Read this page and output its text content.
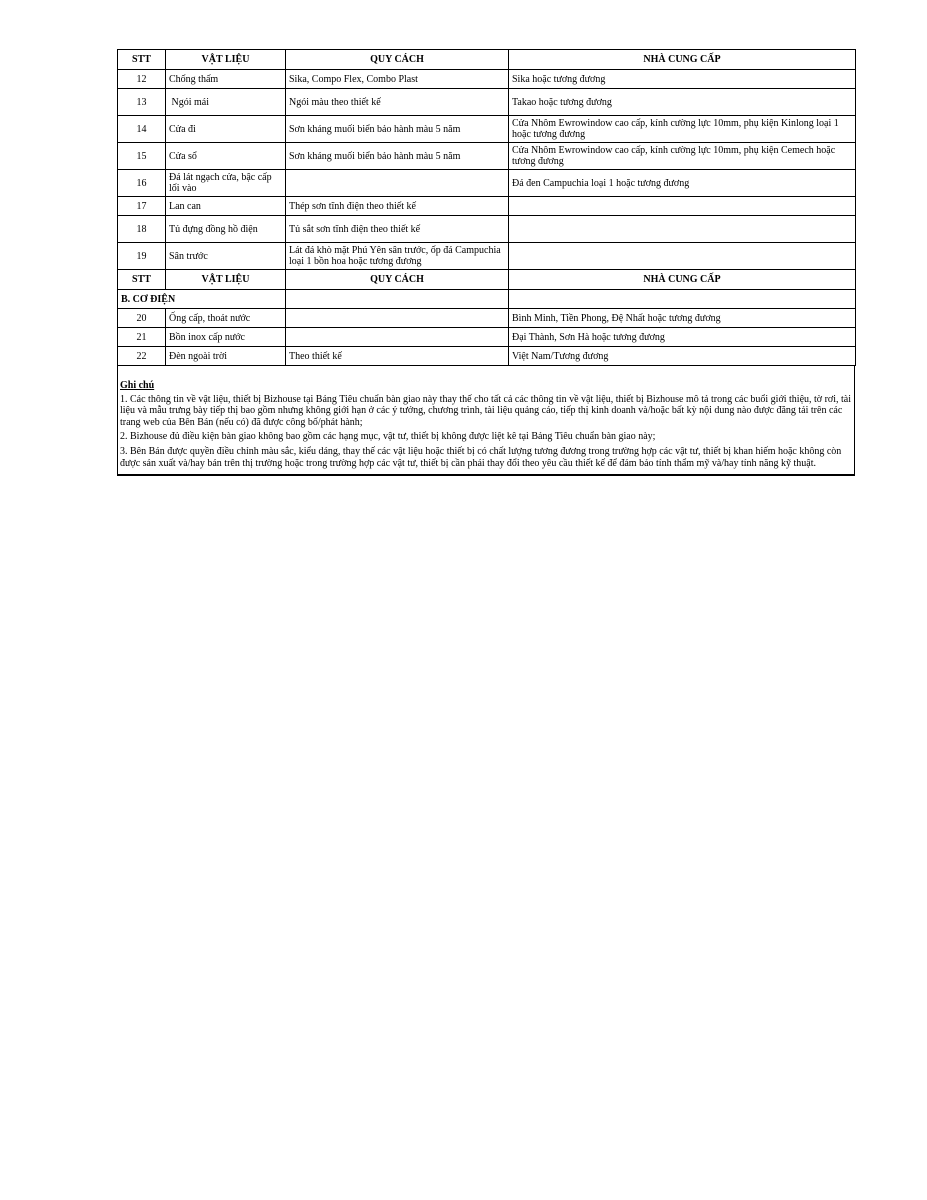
STT	VẬT LIỆU	QUY CÁCH	NHÀ CUNG CẤP
12	Chống thấm	Sika, Compo Flex, Combo Plast	Sika hoặc tương đương
13	Ngói mái	Ngói màu theo thiết kế	Takao hoặc tương đương
14	Cửa đi	Sơn kháng muối biển bảo hành màu 5 năm	Cửa Nhôm Ewrowindow cao cấp, kính cường lực 10mm, phụ kiện Kinlong loại 1 hoặc tương đương
15	Cửa sổ	Sơn kháng muối biển bảo hành màu 5 năm	Cửa Nhôm Ewrowindow cao cấp, kính cường lực 10mm, phụ kiện Cemech hoặc tương đương
16	Đá lát ngạch cửa, bậc cấp lối vào		Đá đen Campuchia loại 1 hoặc tương đương
17	Lan can	Thép sơn tĩnh điện theo thiết kế	
18	Tủ đựng đồng hồ điện	Tủ sắt sơn tĩnh điện theo thiết kế	
19	Sân trước	Lát đá khò mặt Phú Yên sân trước, ốp đá Campuchia loại 1 bồn hoa hoặc tương đương	
STT	VẬT LIỆU	QUY CÁCH	NHÀ CUNG CẤP
B. CƠ ĐIỆN			
20	Ống cấp, thoát nước		Bình Minh, Tiền Phong, Đệ Nhất hoặc tương đương
21	Bồn inox cấp nước		Đại Thành, Sơn Hà hoặc tương đương
22	Đèn ngoài trời	Theo thiết kế	Việt Nam/Tương đương
Ghi chú

1. Các thông tin về vật liệu, thiết bị Bizhouse tại Bảng Tiêu chuẩn bàn giao này thay thế cho tất cả các thông tin về vật liệu, thiết bị Bizhouse mô tả trong các buổi giới thiệu, tờ rơi, tài liệu và mẫu trưng bày tiếp thị bao gồm nhưng không giới hạn ở các ý tưởng, chương trình, tài liệu quảng cáo, tiếp thị kinh doanh và/hoặc bất kỳ nội dung nào được đăng tải trên các trang web của Bên Bán (nếu có) đã được công bố/phát hành;

2. Bizhouse đủ điều kiện bàn giao không bao gồm các hạng mục, vật tư, thiết bị không được liệt kê tại Bảng Tiêu chuẩn bàn giao này;

3. Bên Bán được quyền điều chỉnh màu sắc, kiểu dáng, thay thế các vật liệu hoặc thiết bị có chất lượng tương đương trong trường hợp các vật tư, thiết bị khan hiếm hoặc không còn được sản xuất và/hay bán trên thị trường hoặc trong trường hợp các vật tư, thiết bị cần phải thay đổi theo yêu cầu thiết kế để đảm bảo tính thẩm mỹ và/hay tính năng kỹ thuật.
